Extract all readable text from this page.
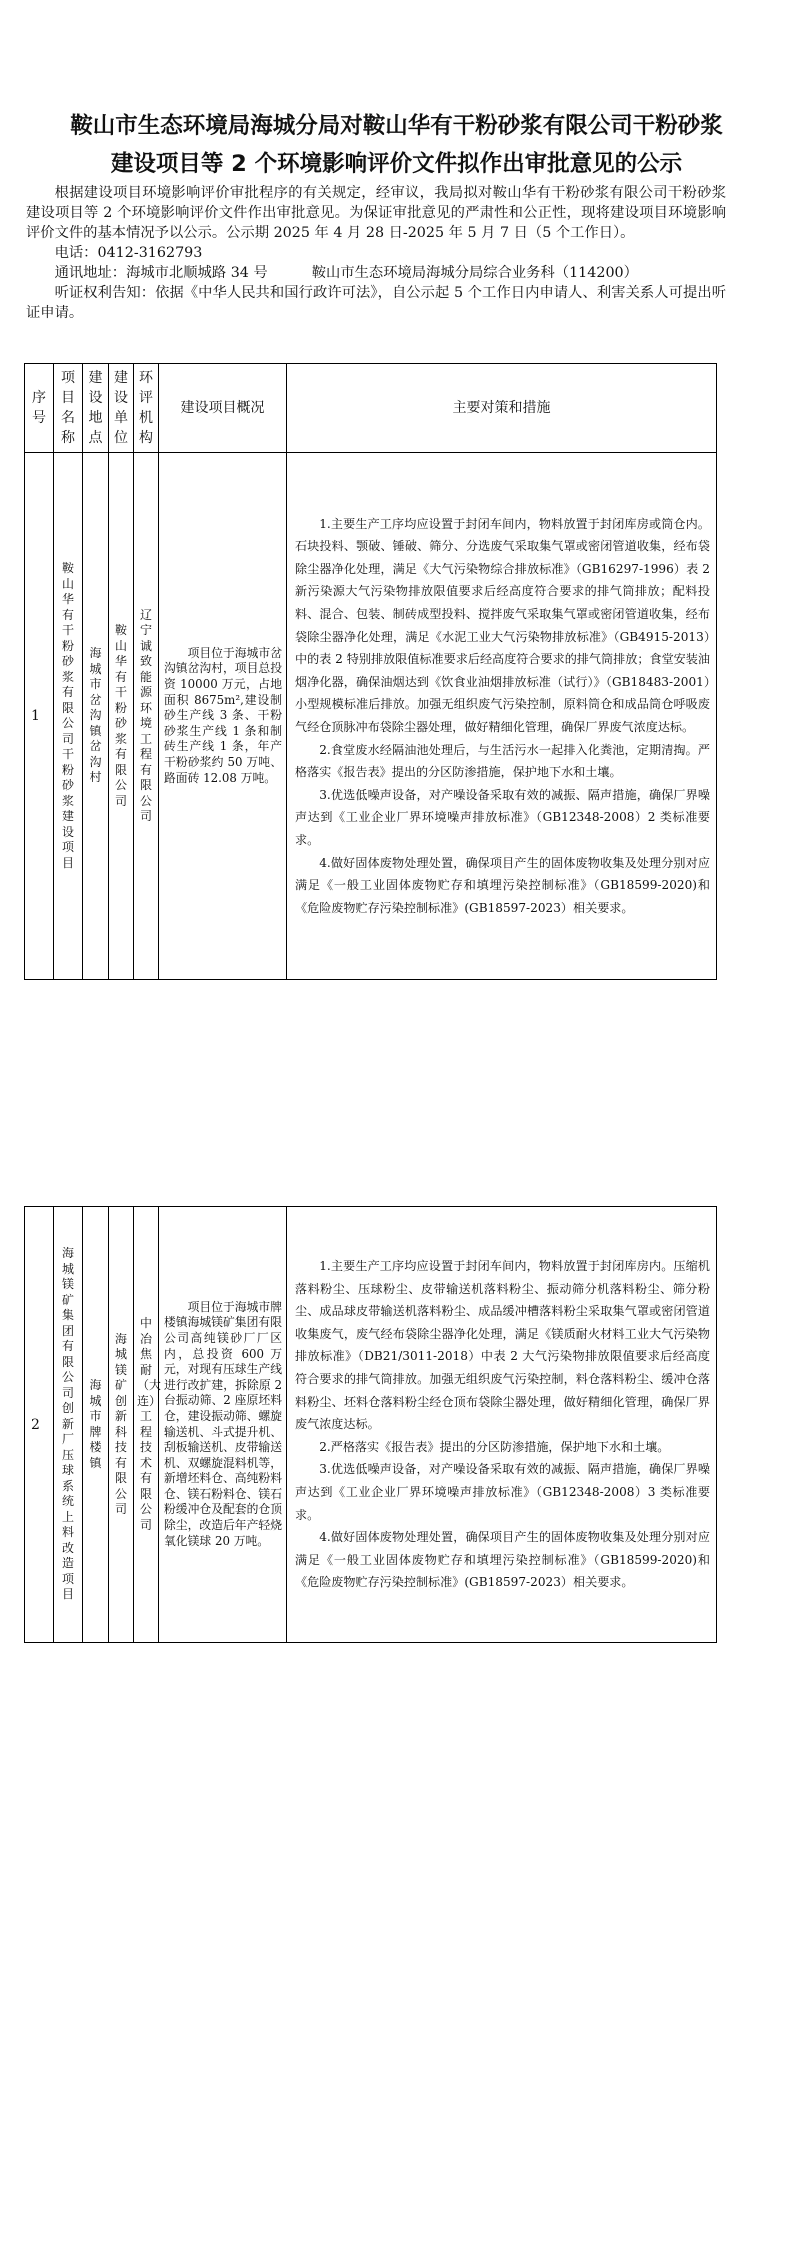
鞍山市生态环境局海城分局对鞍山华有干粉砂浆有限公司干粉砂浆
建设项目等 2 个环境影响评价文件拟作出审批意见的公示

根据建设项目环境影响评价审批程序的有关规定，经审议，我局拟对鞍山华有干粉砂浆有限公司干粉砂浆建设项目等 2 个环境影响评价文件作出审批意见。为保证审批意见的严肃性和公正性，现将建设项目环境影响评价文件的基本情况予以公示。公示期 2025 年 4 月 28 日-2025 年 5 月 7 日（5 个工作日）。

电话：0412-3162793
通讯地址：海城市北顺城路 34 号	鞍山市生态环境局海城分局综合业务科（114200）

听证权利告知：依据《中华人民共和国行政许可法》，自公示起 5 个工作日内申请人、利害关系人可提出听证申请。

序号	项目名称	建设地点	建设单位	环评机构	建设项目概况	主要对策和措施
1	鞍山华有干粉砂浆有限公司干粉砂浆建设项目	海城市岔沟镇岔沟村	鞍山华有干粉砂浆有限公司	辽宁诚致能源环境工程有限公司	项目位于海城市岔沟镇岔沟村，项目总投资 10000 万元，占地面积 8675m²,建设制砂生产线 3 条、干粉砂浆生产线 1 条和制砖生产线 1 条，年产干粉砂浆约 50 万吨、路面砖 12.08 万吨。	

1.主要生产工序均应设置于封闭车间内，物料放置于封闭库房或筒仓内。石块投料、颚破、锤破、筛分、分选废气采取集气罩或密闭管道收集，经布袋除尘器净化处理，满足《大气污染物综合排放标准》（GB16297-1996）表 2 新污染源大气污染物排放限值要求后经高度符合要求的排气筒排放；配料投料、混合、包装、制砖成型投料、搅拌废气采取集气罩或密闭管道收集，经布袋除尘器净化处理，满足《水泥工业大气污染物排放标准》（GB4915-2013）中的表 2 特别排放限值标准要求后经高度符合要求的排气筒排放；食堂安装油烟净化器，确保油烟达到《饮食业油烟排放标准（试行）》（GB18483-2001）小型规模标准后排放。加强无组织废气污染控制，原料筒仓和成品筒仓呼吸废气经仓顶脉冲布袋除尘器处理，做好精细化管理，确保厂界废气浓度达标。

2.食堂废水经隔油池处理后，与生活污水一起排入化粪池，定期清掏。严格落实《报告表》提出的分区防渗措施，保护地下水和土壤。

3.优选低噪声设备，对产噪设备采取有效的减振、隔声措施，确保厂界噪声达到《工业企业厂界环境噪声排放标准》（GB12348-2008）2 类标准要求。

4.做好固体废物处理处置，确保项目产生的固体废物收集及处理分别对应满足《一般工业固体废物贮存和填埋污染控制标准》（GB18599-2020)和《危险废物贮存污染控制标准》(GB18597-2023）相关要求。

2	海城镁矿集团有限公司创新厂压球系统上料改造项目	海城市牌楼镇	海城镁矿创新科技有限公司	中冶焦耐（大连）工程技术有限公司	项目位于海城市牌楼镇海城镁矿集团有限公司高纯镁砂厂厂区内，总投资 600 万元，对现有压球生产线进行改扩建，拆除原 2 台振动筛、2 座原坯料仓，建设振动筛、螺旋输送机、斗式提升机、刮板输送机、皮带输送机、双螺旋混料机等，新增坯料仓、高纯粉料仓、镁石粉料仓、镁石粉缓冲仓及配套的仓顶除尘，改造后年产轻烧氧化镁球 20 万吨。	

1.主要生产工序均应设置于封闭车间内，物料放置于封闭库房内。压缩机落料粉尘、压球粉尘、皮带输送机落料粉尘、振动筛分机落料粉尘、筛分粉尘、成品球皮带输送机落料粉尘、成品缓冲槽落料粉尘采取集气罩或密闭管道收集废气，废气经布袋除尘器净化处理，满足《镁质耐火材料工业大气污染物排放标准》（DB21/3011-2018）中表 2 大气污染物排放限值要求后经高度符合要求的排气筒排放。加强无组织废气污染控制，料仓落料粉尘、缓冲仓落料粉尘、坯料仓落料粉尘经仓顶布袋除尘器处理，做好精细化管理，确保厂界废气浓度达标。

2.严格落实《报告表》提出的分区防渗措施，保护地下水和土壤。

3.优选低噪声设备，对产噪设备采取有效的减振、隔声措施，确保厂界噪声达到《工业企业厂界环境噪声排放标准》（GB12348-2008）3 类标准要求。

4.做好固体废物处理处置，确保项目产生的固体废物收集及处理分别对应满足《一般工业固体废物贮存和填埋污染控制标准》（GB18599-2020)和《危险废物贮存污染控制标准》(GB18597-2023）相关要求。
